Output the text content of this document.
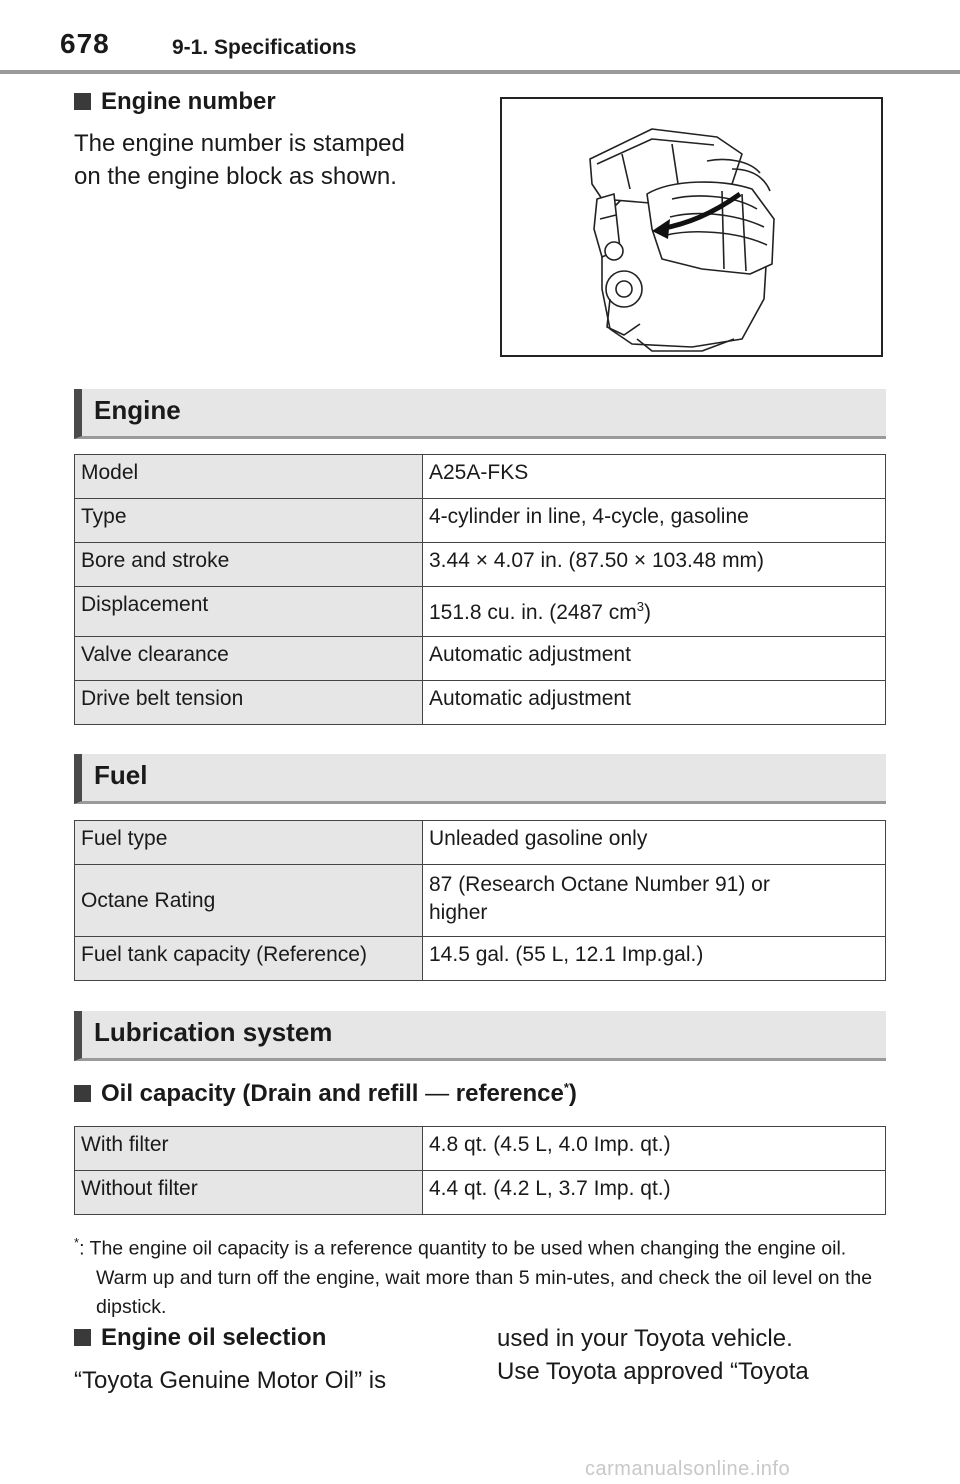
678	9-1. Specifications
Engine number
The engine number is stamped
on the engine block as shown.
Engine
Model	A25A-FKS
Type	4-cylinder in line, 4-cycle, gasoline
Bore and stroke	3.44 × 4.07 in. (87.50 × 103.48 mm)
Displacement	151.8 cu. in. (2487 $cm^3$)
Valve clearance	Automatic adjustment
Drive belt tension	Automatic adjustment
Fuel
Fuel type	Unleaded gasoline only
Octane Rating	87 (Research Octane Number 91) or
higher

Fuel tank capacity (Reference)	14.5 gal. (55 L, 12.1 Imp.gal.)
Lubrication system
Oil capacity (Drain and refill — reference*)
With filter	4.8 qt. (4.5 L, 4.0 Imp. qt.)
Without filter	4.4 qt. (4.2 L, 3.7 Imp. qt.)
*: The engine oil capacity is a reference quantity to be used when changing the engine oil. Warm up and turn off the engine, wait more than 5 min-utes, and check the oil level on the dipstick.
Engine oil selection
“Toyota Genuine Motor Oil” is
used in your Toyota vehicle.
Use Toyota approved “Toyota
carmanualsonline.info
